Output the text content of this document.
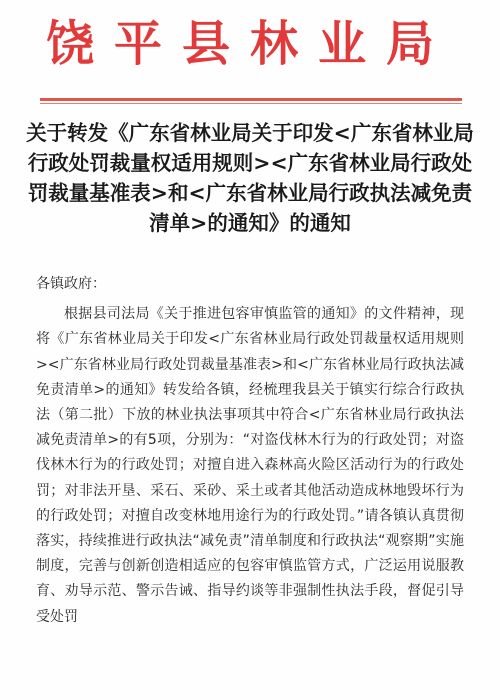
饶平县林业局
关于转发《广东省林业局关于印发<广东省林业局行政处罚裁量权适用规则><广东省林业局行政处罚裁量基准表>和<广东省林业局行政执法减免责清单>的通知》的通知

各镇政府：

根据县司法局《关于推进包容审慎监管的通知》的文件精神，现将《广东省林业局关于印发<广东省林业局行政处罚裁量权适用规则><广东省林业局行政处罚裁量基准表>和<广东省林业局行政执法减免责清单>的通知》转发给各镇，经梳理我县关于镇实行综合行政执法（第二批）下放的林业执法事项其中符合<广东省林业局行政执法减免责清单>的有5项，分别为：“对盗伐林木行为的行政处罚；对盗伐林木行为的行政处罚；对擅自进入森林高火险区活动行为的行政处罚；对非法开垦、采石、采砂、采土或者其他活动造成林地毁坏行为的行政处罚；对擅自改变林地用途行为的行政处罚。”请各镇认真贯彻落实，持续推进行政执法“减免责”清单制度和行政执法“观察期”实施制度，完善与创新创造相适应的包容审慎监管方式，广泛运用说服教育、劝导示范、警示告诫、指导约谈等非强制性执法手段，督促引导受处罚
